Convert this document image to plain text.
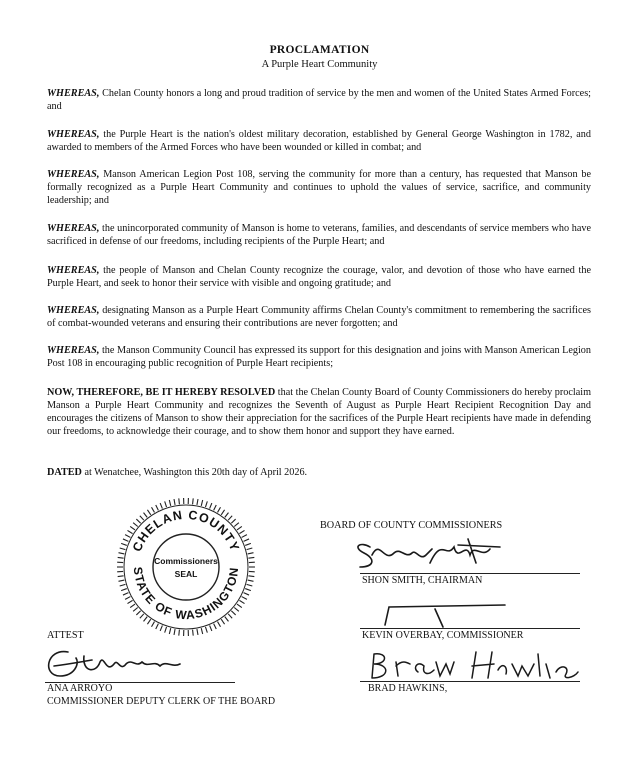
PROCLAMATION
A Purple Heart Community
WHEREAS, Chelan County honors a long and proud tradition of service by the men and women of the United States Armed Forces; and
WHEREAS, the Purple Heart is the nation's oldest military decoration, established by General George Washington in 1782, and awarded to members of the Armed Forces who have been wounded or killed in combat; and
WHEREAS, Manson American Legion Post 108, serving the community for more than a century, has requested that Manson be formally recognized as a Purple Heart Community and continues to uphold the values of service, sacrifice, and community leadership; and
WHEREAS, the unincorporated community of Manson is home to veterans, families, and descendants of service members who have sacrificed in defense of our freedoms, including recipients of the Purple Heart; and
WHEREAS, the people of Manson and Chelan County recognize the courage, valor, and devotion of those who have earned the Purple Heart, and seek to honor their service with visible and ongoing gratitude; and
WHEREAS, designating Manson as a Purple Heart Community affirms Chelan County's commitment to remembering the sacrifices of combat-wounded veterans and ensuring their contributions are never forgotten; and
WHEREAS, the Manson Community Council has expressed its support for this designation and joins with Manson American Legion Post 108 in encouraging public recognition of Purple Heart recipients;
NOW, THEREFORE, BE IT HEREBY RESOLVED that the Chelan County Board of County Commissioners do hereby proclaim Manson a Purple Heart Community and recognizes the Seventh of August as Purple Heart Recipient Recognition Day and encourages the citizens of Manson to show their appreciation for the sacrifices of the Purple Heart recipients have made in defending our freedoms, to acknowledge their courage, and to show them honor and support they have earned.
DATED at Wenatchee, Washington this 20th day of April 2026.
CHELAN COUNTY
STATE OF WASHINGTON
Commissioners
SEAL
BOARD OF COUNTY COMMISSIONERS
SHON SMITH, CHAIRMAN
KEVIN OVERBAY, COMMISSIONER
BRAD HAWKINS,
ATTEST
ANA ARROYO
COMMISSIONER DEPUTY CLERK OF THE BOARD
